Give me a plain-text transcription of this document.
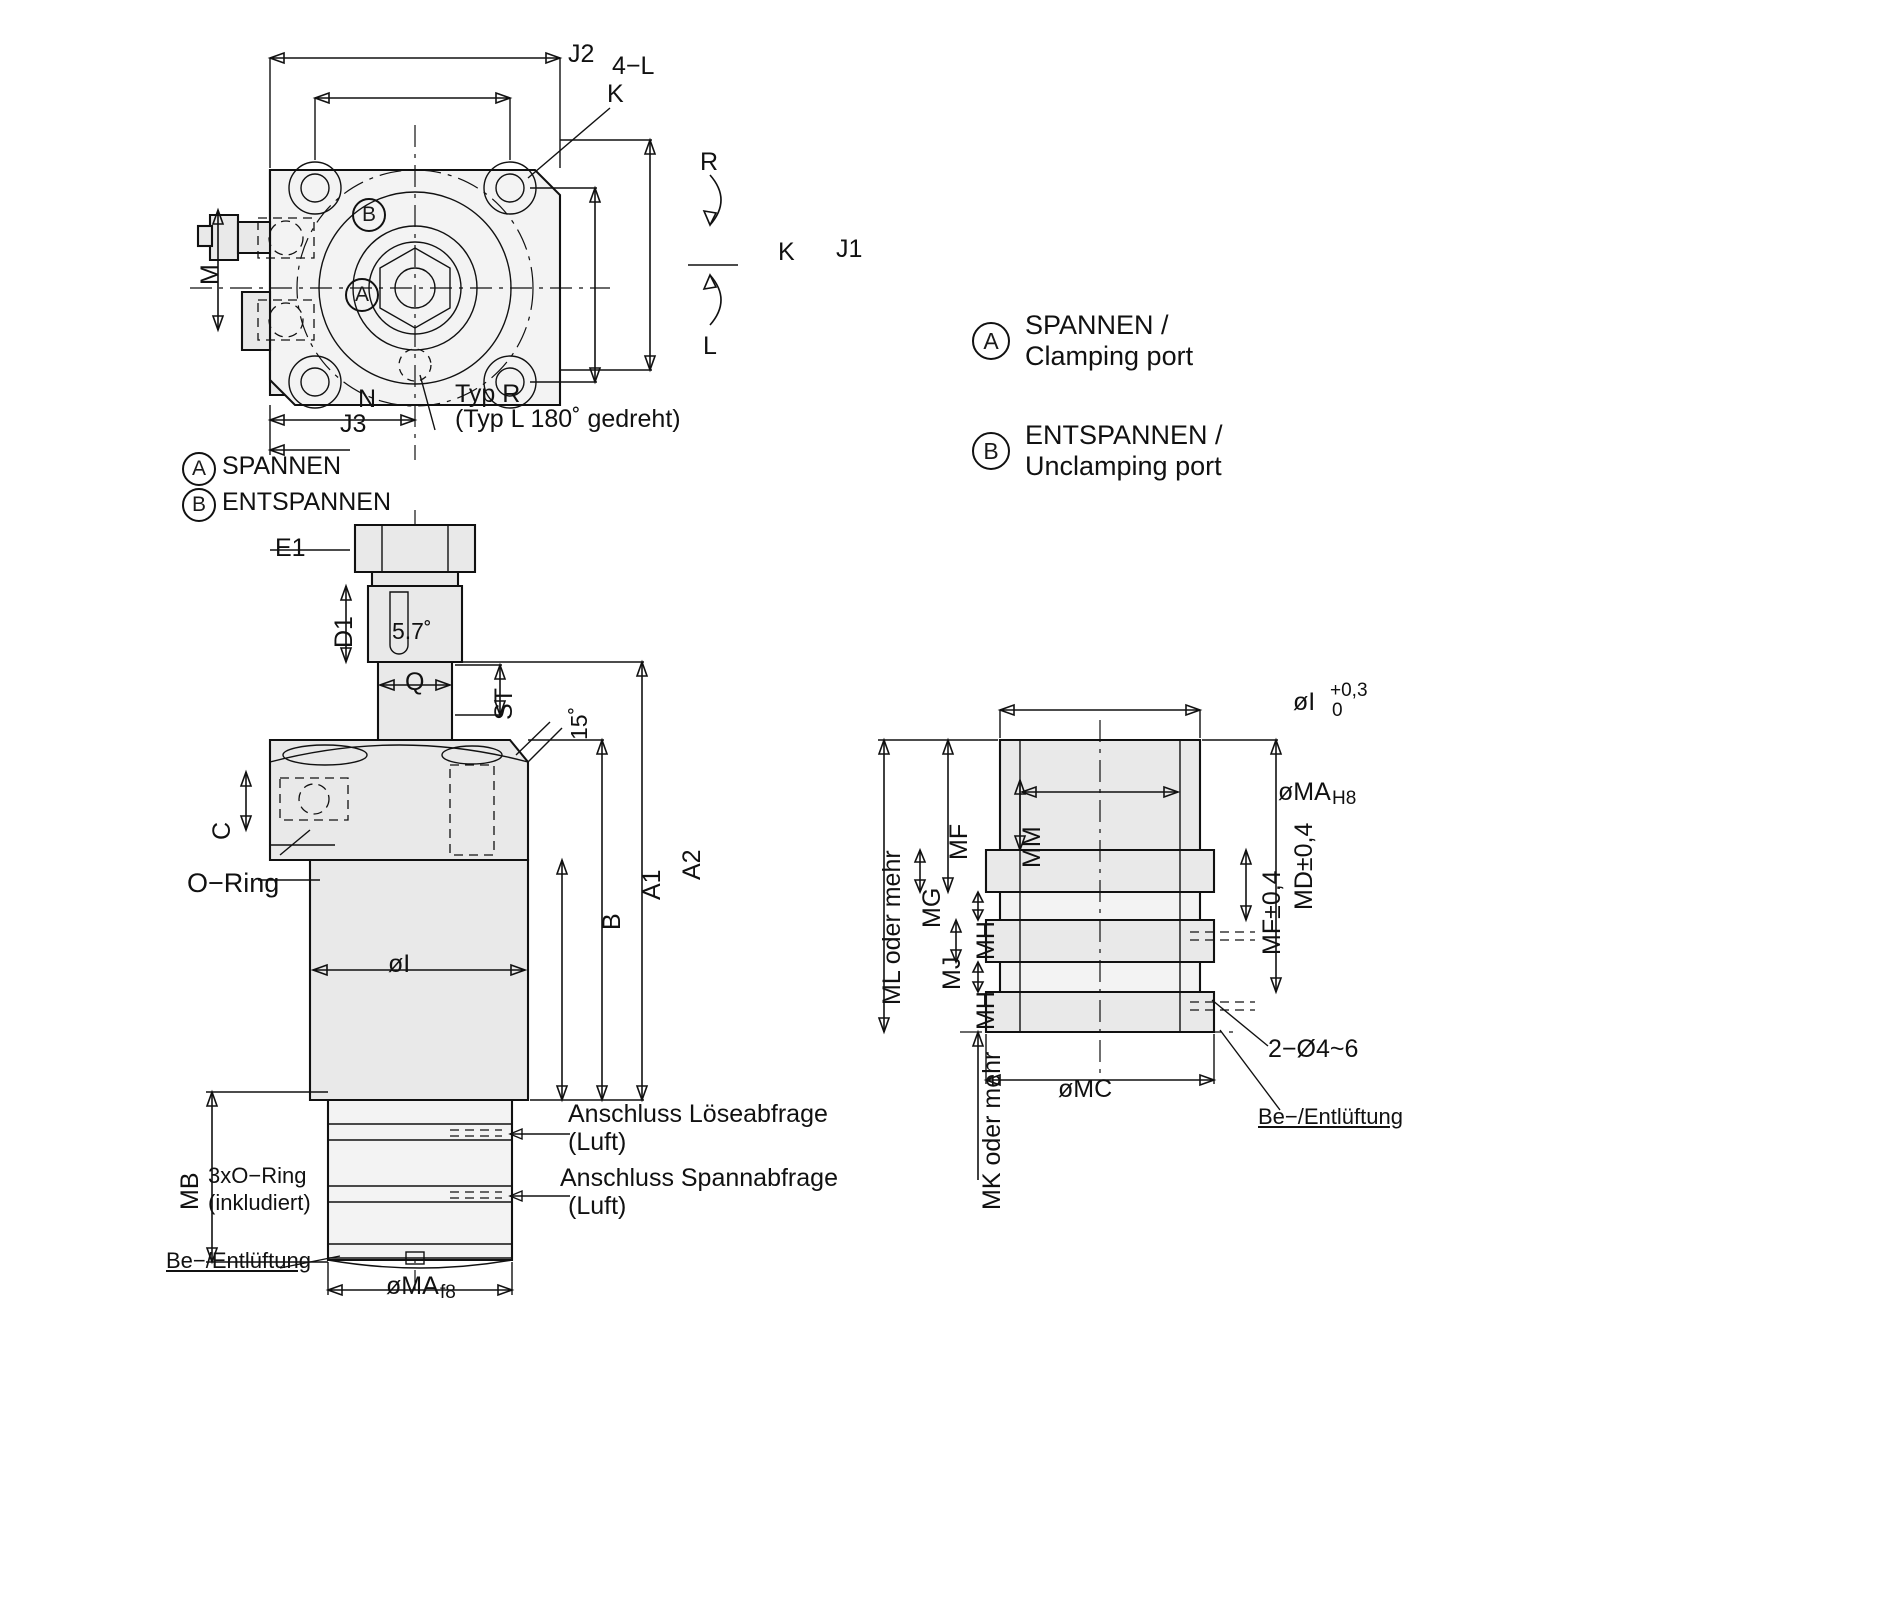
J2
K
K J1
N
J3
M
4−L
B
A
Typ R
(Typ L 180˚ gedreht)
R
L
A SPANNEN
B ENTSPANNEN
A
SPANNEN /
Clamping port
B
ENTSPANNEN /
Unclamping port
E1
D1 5.7˚
Q
ST
C
B
A1
A2
MB
O−Ring
øI
15˚
øMA f8
3xO−Ring
(inkludiert)
Be−/Entlüftung
Anschluss Löseabfrage
(Luft)
Anschluss Spannabfrage
(Luft)
øI +0,3
0
øMA H8
ML oder mehr
MF
MG
MJ
MH
MH
MM
MK oder mehr
MD±0,4
MF±0,4
øMC
2−Ø4~6
Be−/Entlüftung
